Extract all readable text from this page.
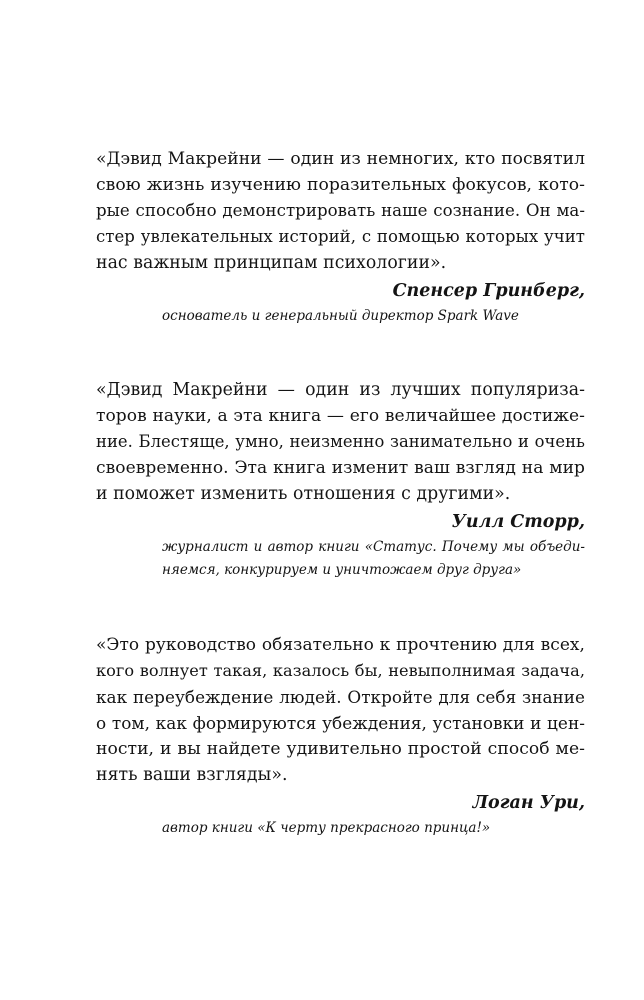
«Дэвид Макрейни — один из немногих, кто посвятил
свою жизнь изучению поразительных фокусов, кото-
рые способно демонстрировать наше сознание. Он ма-
стер увлекательных историй, с помощью которых учит
нас важным принципам психологии».
Спенсер Гринберг,
основатель и генеральный директор Spark Wave
«Дэвид Макрейни — один из лучших популяриза-
торов науки, а эта книга — его величайшее достиже-
ние. Блестяще, умно, неизменно занимательно и очень
своевременно. Эта книга изменит ваш взгляд на мир
и поможет изменить отношения с другими».
Уилл Сторр,
журналист и автор книги «Статус. Почему мы объеди-
няемся, конкурируем и уничтожаем друг друга»
«Это руководство обязательно к прочтению для всех,
кого волнует такая, казалось бы, невыполнимая задача,
как переубеждение людей. Откройте для себя знание
о том, как формируются убеждения, установки и цен-
ности, и вы найдете удивительно простой способ ме-
нять ваши взгляды».
Логан Ури,
автор книги «К черту прекрасного принца!»
